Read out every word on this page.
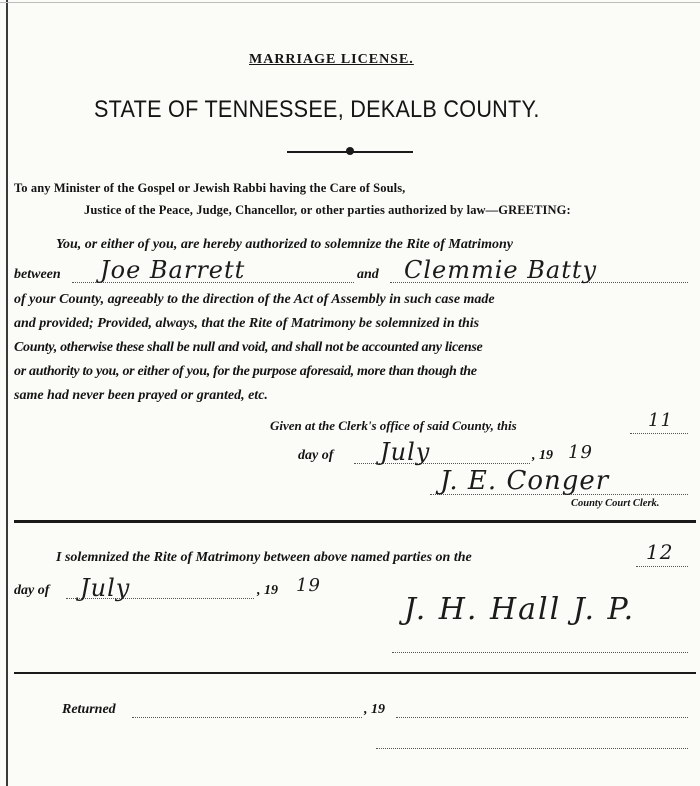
MARRIAGE LICENSE.
STATE OF TENNESSEE, DEKALB COUNTY.
To any Minister of the Gospel or Jewish Rabbi having the Care of Souls,
Justice of the Peace, Judge, Chancellor, or other parties authorized by law—GREETING:
You, or either of you, are hereby authorized to solemnize the Rite of Matrimony
between Joe Barrett	and Clemmie Batty
of your County, agreeably to the direction of the Act of Assembly in such case made
and provided; Provided, always, that the Rite of Matrimony be solemnized in this
County, otherwise these shall be null and void, and shall not be accounted any license
or authority to you, or either of you, for the purpose aforesaid, more than though the
same had never been prayed or granted, etc.
Given at the Clerk's office of said County, this	11
day of July	, 19 19
J. E. Conger
County Court Clerk.
I solemnized the Rite of Matrimony between above named parties on the	12
day of July	, 19 19
J. H. Hall J. P.
Returned	, 19
